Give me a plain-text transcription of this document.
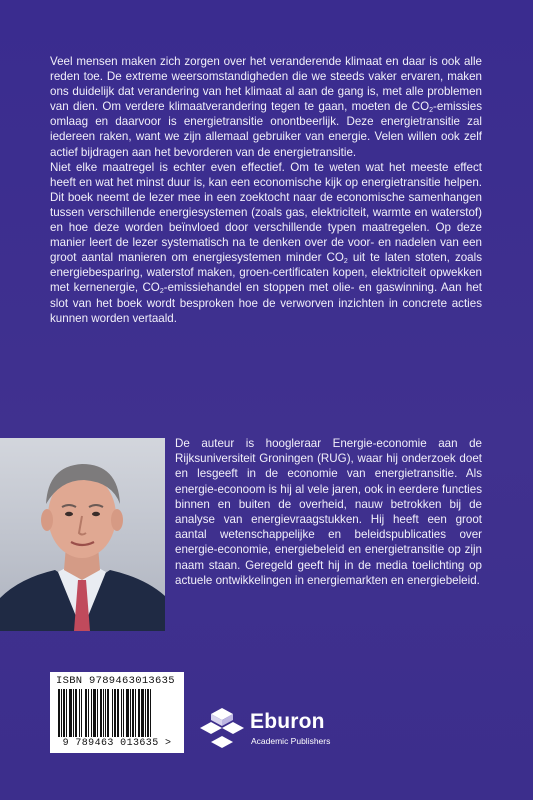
Veel mensen maken zich zorgen over het veranderende klimaat en daar is ook alle reden toe. De extreme weersomstandigheden die we steeds vaker ervaren, maken ons duidelijk dat verandering van het klimaat al aan de gang is, met alle problemen van dien. Om verdere klimaatverandering tegen te gaan, moeten de $CO_2$-emissies omlaag en daarvoor is energietransitie onontbeerlijk. Deze energietransitie zal iedereen raken, want we zijn allemaal gebruiker van energie. Velen willen ook zelf actief bijdragen aan het bevorderen van de energietransitie.

Niet elke maatregel is echter even effectief. Om te weten wat het meeste effect heeft en wat het minst duur is, kan een economische kijk op energietransitie helpen. Dit boek neemt de lezer mee in een zoektocht naar de economische samenhangen tussen verschillende energiesystemen (zoals gas, elektriciteit, warmte en waterstof) en hoe deze worden beïnvloed door verschillende typen maatregelen. Op deze manier leert de lezer systematisch na te denken over de voor- en nadelen van een groot aantal manieren om energiesystemen minder $CO_2$ uit te laten stoten, zoals energiebesparing, waterstof maken, groen-certificaten kopen, elektriciteit opwekken met kernenergie, $CO_2$-emissiehandel en stoppen met olie- en gaswinning. Aan het slot van het boek wordt besproken hoe de verworven inzichten in concrete acties kunnen worden vertaald.

De auteur is hoogleraar Energie-economie aan de Rijksuniversiteit Groningen (RUG), waar hij onderzoek doet en lesgeeft in de economie van energietransitie. Als energie-econoom is hij al vele jaren, ook in eerdere functies binnen en buiten de overheid, nauw betrokken bij de analyse van energievraagstukken. Hij heeft een groot aantal wetenschappelijke en beleidspublicaties over energie-economie, energiebeleid en energietransitie op zijn naam staan. Geregeld geeft hij in de media toelichting op actuele ontwikkelingen in energiemarkten en energiebeleid.
ISBN 9789463013635
9 789463 013635 >
Eburon
Academic Publishers
